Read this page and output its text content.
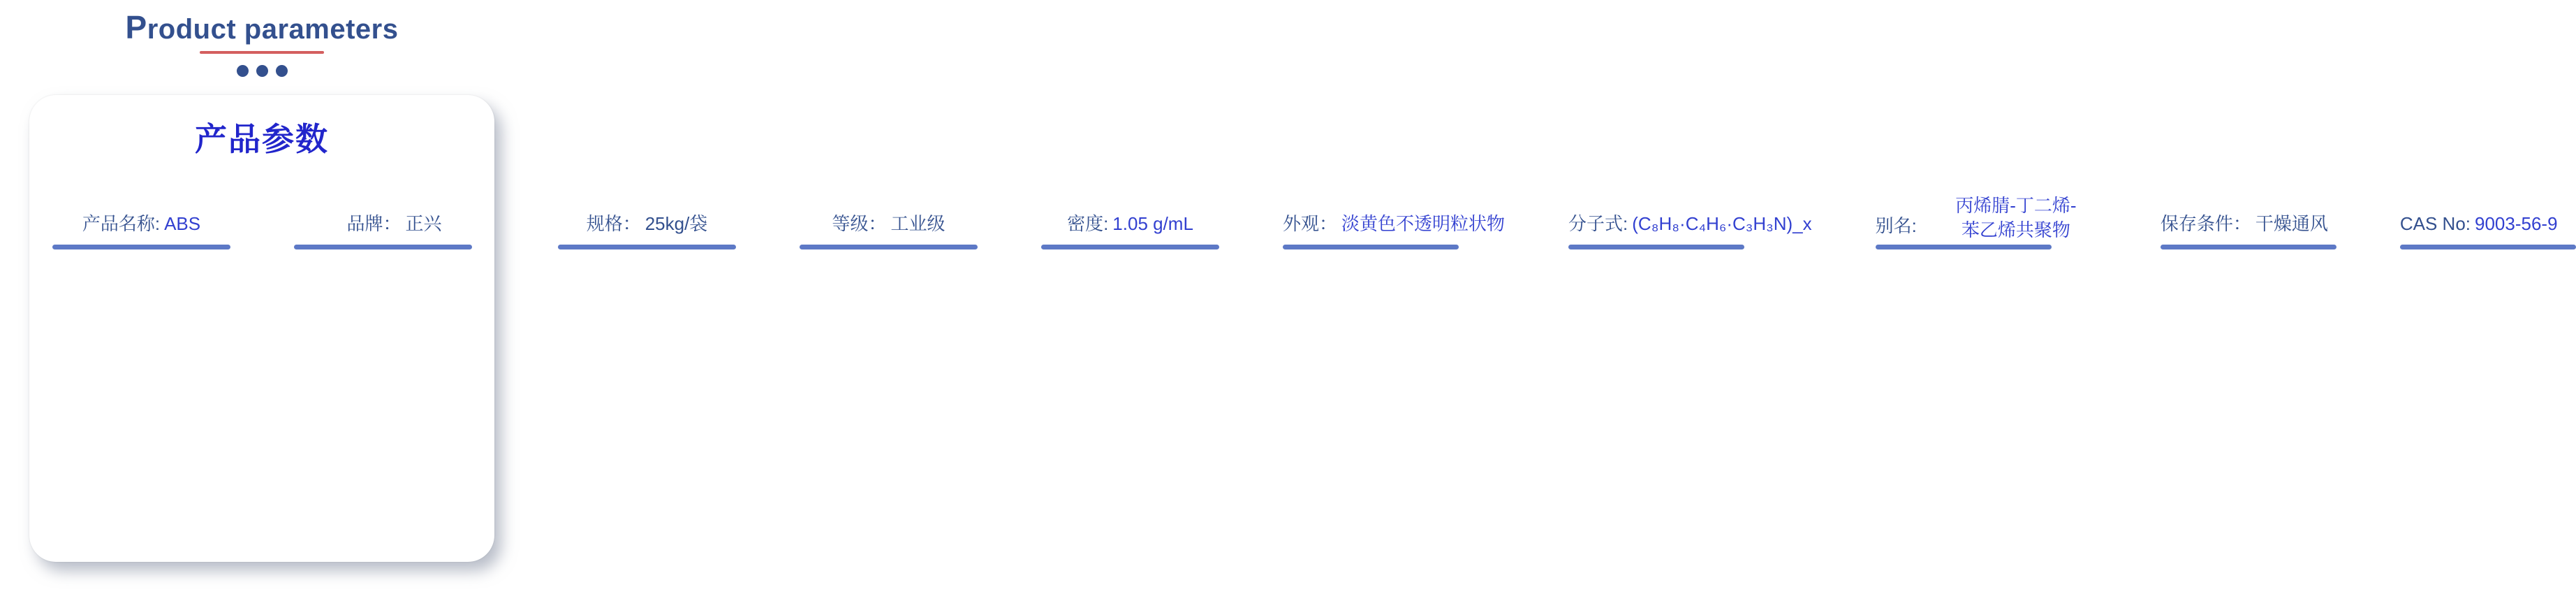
Product parameters
产品参数
产品名称: ABS	品牌： 正兴	规格： 25kg/袋	等级： 工业级	密度: 1.05 g/mL	外观： 淡黄色不透明粒状物	分子式: (C₈H₈·C₄H₆·C₃H₃N)_x	别名:
丙烯腈-丁二烯-
苯乙烯共聚物	保存条件： 干燥通风	CAS No: 9003-56-9
